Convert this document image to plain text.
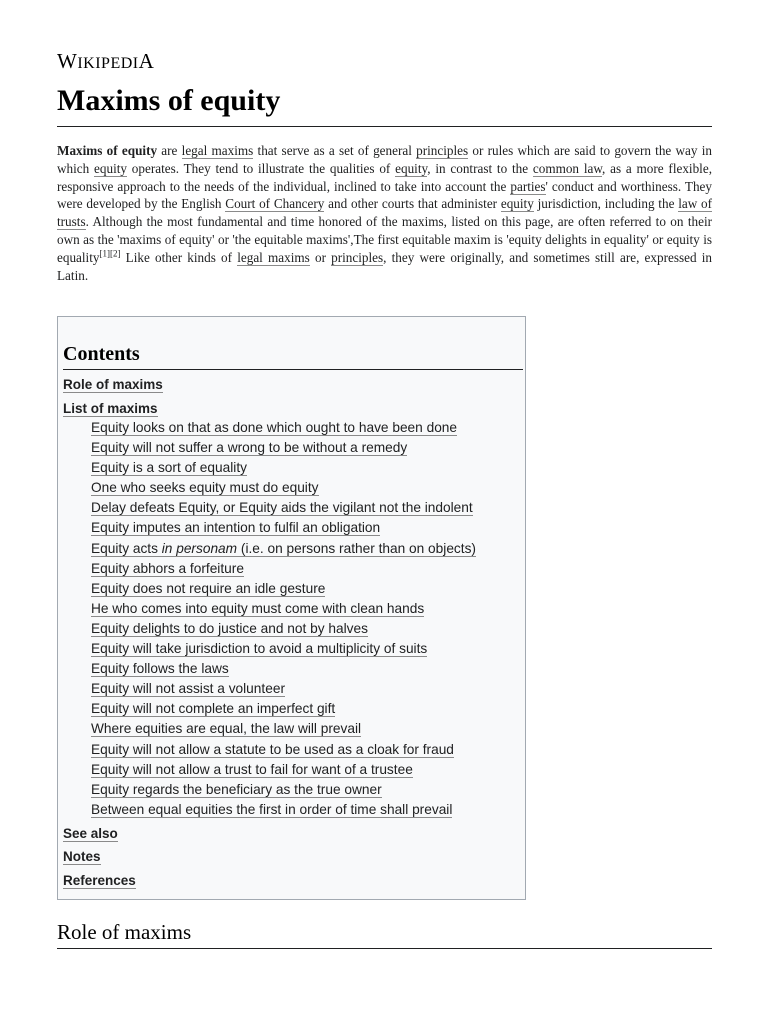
WIKIPEDIA
Maxims of equity

Maxims of equity are legal maxims that serve as a set of general principles or rules which are said to govern the way in which equity operates. They tend to illustrate the qualities of equity, in contrast to the common law, as a more flexible, responsive approach to the needs of the individual, inclined to take into account the parties' conduct and worthiness. They were developed by the English Court of Chancery and other courts that administer equity jurisdiction, including the law of trusts. Although the most fundamental and time honored of the maxims, listed on this page, are often referred to on their own as the 'maxims of equity' or 'the equitable maxims',The first equitable maxim is 'equity delights in equality' or equity is equality[1][2] Like other kinds of legal maxims or principles, they were originally, and sometimes still are, expressed in Latin.

Contents
Role of maxims
List of maxims
Equity looks on that as done which ought to have been done
Equity will not suffer a wrong to be without a remedy
Equity is a sort of equality
One who seeks equity must do equity
Delay defeats Equity, or Equity aids the vigilant not the indolent
Equity imputes an intention to fulfil an obligation
Equity acts in personam (i.e. on persons rather than on objects)
Equity abhors a forfeiture
Equity does not require an idle gesture
He who comes into equity must come with clean hands
Equity delights to do justice and not by halves
Equity will take jurisdiction to avoid a multiplicity of suits
Equity follows the laws
Equity will not assist a volunteer
Equity will not complete an imperfect gift
Where equities are equal, the law will prevail
Equity will not allow a statute to be used as a cloak for fraud
Equity will not allow a trust to fail for want of a trustee
Equity regards the beneficiary as the true owner
Between equal equities the first in order of time shall prevail
See also
Notes
References
Role of maxims
